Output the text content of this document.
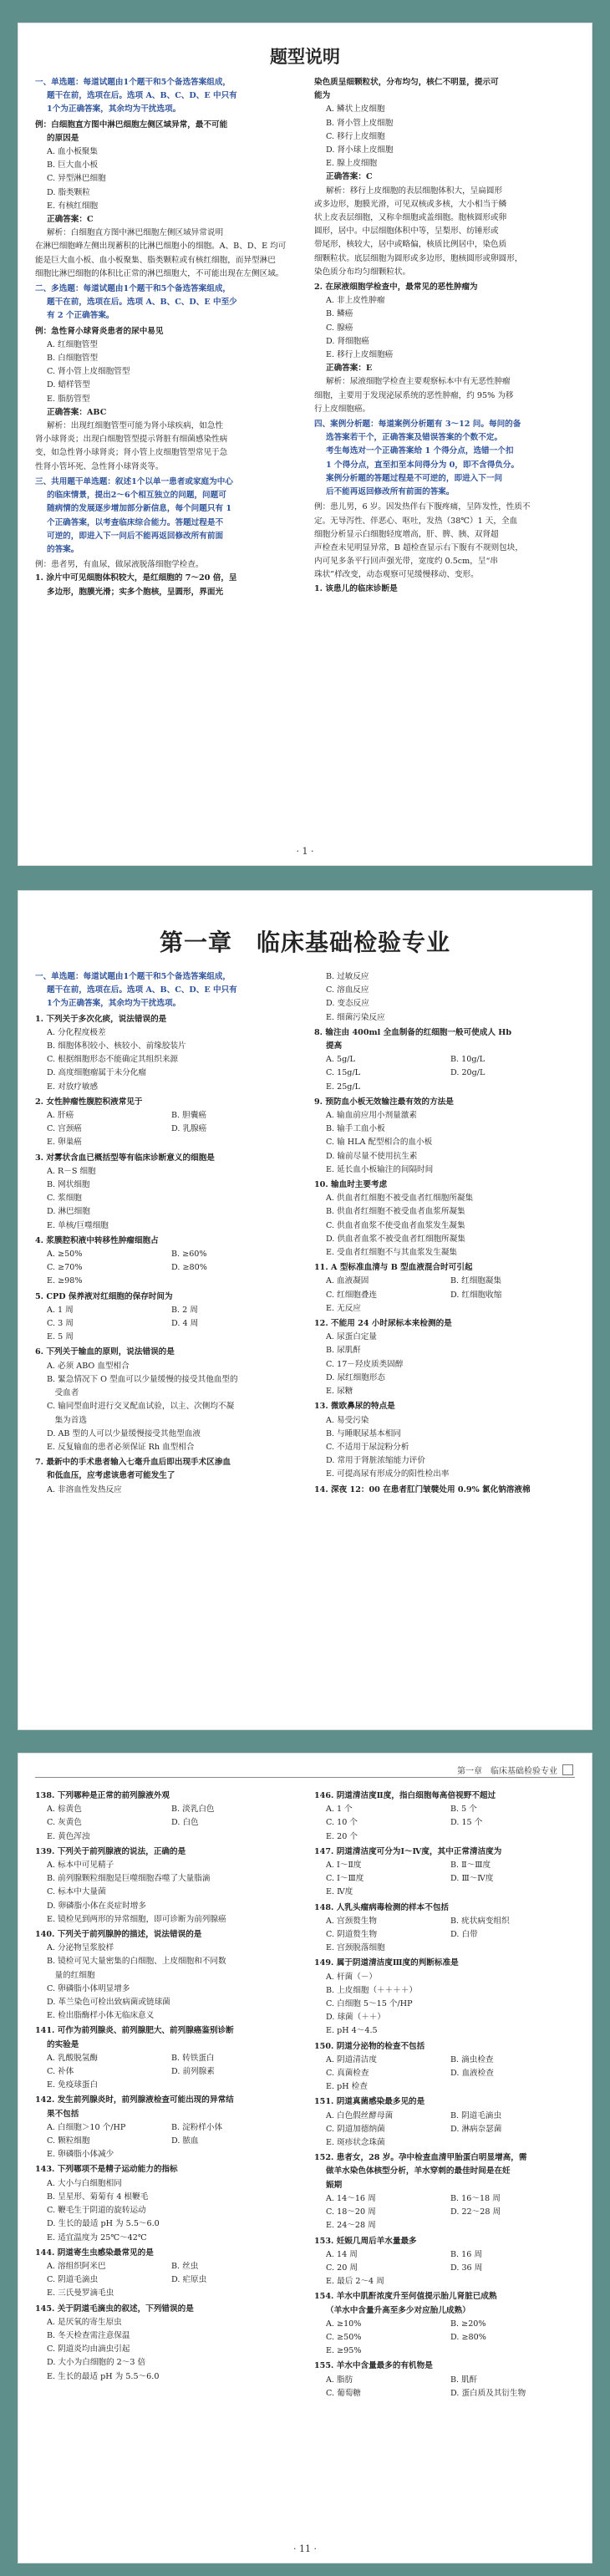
题型说明

一、单选题：每道试题由1个题干和5个备选答案组成，

题干在前，选项在后。选项 A、B、C、D、E 中只有

1个为正确答案，其余均为干扰选项。

例：白细胞直方图中淋巴细胞左侧区域异常，最不可能

的原因是

A. 血小板聚集

B. 巨大血小板

C. 异型淋巴细胞

D. 脂类颗粒

E. 有核红细胞

正确答案：C

解析：白细胞直方图中淋巴细胞左侧区域异常说明

在淋巴细胞峰左侧出现蓄积的比淋巴细胞小的细胞。A、B、D、E 均可

能是巨大血小板、血小板聚集、脂类颗粒或有核红细胞，而异型淋巴

细胞比淋巴细胞的体积比正常的淋巴细胞大，不可能出现在左侧区域。

二、多选题：每道试题由1个题干和5个备选答案组成，

题干在前，选项在后。选项 A、B、C、D、E 中至少

有 2 个正确答案。

例：急性肾小球肾炎患者的尿中易见

A. 红细胞管型

B. 白细胞管型

C. 肾小管上皮细胞管型

D. 蜡样管型

E. 脂肪管型

正确答案：ABC

解析：出现红细胞管型可能为肾小球疾病，如急性

肾小球肾炎；出现白细胞管型提示肾脏有细菌感染性病

变，如急性肾小球肾炎；肾小管上皮细胞管型常见于急

性肾小管坏死、急性肾小球肾炎等。

三、共用题干单选题：叙述1个以单一患者或家庭为中心

的临床情景，提出2～6个相互独立的问题，问题可

随病情的发展逐步增加部分新信息，每个问题只有 1

个正确答案，以考查临床综合能力。答题过程是不

可逆的，即进入下一问后不能再返回修改所有前面

的答案。

例：患者男，有血尿，做尿液脱落细胞学检查。

1. 涂片中可见细胞体积较大，是红细胞的 7～20 倍，呈

多边形，胞膜光滑；实多个胞核，呈圆形，界面光

染色质呈细颗粒状，分布均匀，核仁不明显，提示可

能为

A. 鳞状上皮细胞

B. 肾小管上皮细胞

C. 移行上皮细胞

D. 肾小球上皮细胞

E. 腺上皮细胞

正确答案：C

解析：移行上皮细胞的表层细胞体积大，呈扁圆形

或多边形，胞膜光滑，可见双核或多核，大小相当于鳞

状上皮表层细胞，又称伞细胞或盖细胞。胞核圆形或卵

圆形，居中。中层细胞体积中等，呈梨形、纺锤形或

带尾形，核较大，居中或略偏，核质比例居中，染色质

细颗粒状。底层细胞为圆形或多边形，胞核圆形或卵圆形，

染色质分布均匀细颗粒状。

2. 在尿液细胞学检查中，最常见的恶性肿瘤为

A. 非上皮性肿瘤

B. 鳞癌

C. 腺癌

D. 肾细胞癌

E. 移行上皮细胞癌

正确答案：E

解析：尿液细胞学检查主要观察标本中有无恶性肿瘤

细胞，主要用于发现泌尿系统的恶性肿瘤，约 95% 为移

行上皮细胞癌。

四、案例分析题：每道案例分析题有 3～12 问。每问的备

选答案若干个，正确答案及错误答案的个数不定。

考生每选对一个正确答案给 1 个得分点，选错一个扣

1 个得分点，直至扣至本问得分为 0，即不含得负分。

案例分析题的答题过程是不可逆的，即进入下一问

后不能再返回修改所有前面的答案。

例：患儿男，6 岁。因发热伴右下腹疼痛，呈阵发性，性质不

定。无导泻性、伴恶心、呕吐，发热（38℃）1 天，全血

细胞分析显示白细胞轻度增高，肝、脾、胰、双肾超

声检查未见明显异常，B 超检查显示右下腹有不规则包块，

内可见多条平行回声强光带，宽度约 0.5cm，呈“串

珠状”样改变，动态观察可见缓慢移动、变形。

1. 该患儿的临床诊断是

· 1 ·
第一章　临床基础检验专业

一、单选题：每道试题由1个题干和5个备选答案组成，

题干在前，选项在后。选项 A、B、C、D、E 中只有

1个为正确答案，其余均为干扰选项。

1. 下列关于多次化痰，说法错误的是

A. 分化程度极差

B. 细胞体积较小、核较小、前缘胶装片

C. 根据细胞形态不能确定其组织来源

D. 高度细胞瘤属于未分化瘤

E. 对放疗敏感

2. 女性肿瘤性腹腔积液常见于

A. 肝癌	B. 胆囊癌

C. 宫颈癌	D. 乳腺癌

E. 卵巢癌

3. 对雾状含血已概括型等有临床诊断意义的细胞是

A. R－S 细胞

B. 网状细胞

C. 浆细胞

D. 淋巴细胞

E. 单核/巨噬细胞

4. 浆膜腔积液中转移性肿瘤细胞占

A. ≥50%	B. ≥60%

C. ≥70%	D. ≥80%

E. ≥98%

5. CPD 保养液对红细胞的保存时间为

A. 1 周	B. 2 周

C. 3 周	D. 4 周

E. 5 周

6. 下列关于输血的原则，说法错误的是

A. 必须 ABO 血型相合

B. 緊急情况下 O 型血可以少量缓慢的接受其他血型的

　受血者

C. 输同型血时进行交叉配血试验，以主、次侧均不凝

　集为首选

D. AB 型的人可以少量缓慢接受其他型血液

E. 反复输血的患者必须保证 Rh 血型相合

7. 最新中的手术患者输入七毫升血后即出现手术区渗血

和低血压，应考虑该患者可能发生了

A. 非溶血性发热反应

B. 过敏反应

C. 溶血反应

D. 变态反应

E. 细菌污染反应

8. 输注由 400ml 全血制备的红细胞一般可使成人 Hb

提高

A. 5g/L	B. 10g/L

C. 15g/L	D. 20g/L

E. 25g/L

9. 预防血小板无效输注最有效的方法是

A. 输血前应用小剂量激素

B. 输手工血小板

C. 输 HLA 配型相合的血小板

D. 输前尽量不使用抗生素

E. 延长血小板输注的间隔时间

10. 输血时主要考虑

A. 供血者红细胞不被受血者红细胞所凝集

B. 供血者红细胞不被受血者血浆所凝集

C. 供血者血浆不使受血者血浆发生凝集

D. 供血者血浆不被受血者红细胞所凝集

E. 受血者红细胞不与其血浆发生凝集

11. A 型标准血清与 B 型血液混合时可引起

A. 血液凝固	B. 红细胞凝集

C. 红细胞叠连	D. 红细胞收缩

E. 无反应

12. 不能用 24 小时尿标本来检测的是

A. 尿蛋白定量

B. 尿肌酐

C. 17－羟皮质类固醇

D. 尿红细胞形态

E. 尿糖

13. 微欧鼻尿的特点是

A. 易受污染

B. 与睡眠尿基本相同

C. 不适用于尿淀粉分析

D. 常用于肾脏浓缩能力评价

E. 可提高尿有形成分的阳性检出率

14. 深夜 12：00 在患者肛门皱襞处用 0.9% 氯化钠溶液棉

第一章　临床基础检验专业

138. 下列哪种是正常的前列腺液外观

A. 棕黄色	B. 淡乳白色

C. 灰黄色	D. 白色

E. 黄色浑浊

139. 下列关于前列腺液的说法，正确的是

A. 标本中可见精子

B. 前列腺颗粒细胞是巨噬细胞吞噬了大量脂滴

C. 标本中大量菌

D. 卵磷脂小体在炎症时增多

E. 镜检见到两形的异常细胞，即可诊断为前列腺癌

140. 下列关于前列腺肿的描述，说法错误的是

A. 分泌物呈浆胶样

B. 镜检可见大量密集的白细胞、上皮细胞和不同数

　量的红细胞

C. 卵磷脂小体明显增多

D. 革兰染色可检出致病菌或链球菌

E. 检出脂酶样小体无临床意义

141. 可作为前列腺炎、前列腺肥大、前列腺癌鉴别诊断

的实验是

A. 乳酸脱氢酶	B. 转铁蛋白

C. 补体	D. 前列腺素

E. 免疫球蛋白

142. 发生前列腺炎时，前列腺液检查可能出现的异常结

果不包括

A. 白细胞＞10 个/HP	B. 淀粉样小体

C. 颗粒细胞	D. 脓血

E. 卵磷脂小体减少

143. 下列哪项不是精子运动能力的指标

A. 大小与白细胞相同

B. 呈星形、菊菊有 4 根鞭毛

C. 鞭毛生于阴道的旋转运动

D. 生长的最适 pH 为 5.5～6.0

E. 适宜温度为 25℃～42℃

144. 阴道寄生虫感染最常见的是

A. 溶组织阿米巴	B. 丝虫

C. 阴道毛滴虫	D. 疟原虫

E. 三氏曼罗滴毛虫

145. 关于阴道毛滴虫的叙述，下列错误的是

A. 是厌氧的寄生原虫

B. 冬天检查需注意保温

C. 阴道炎均由滴虫引起

D. 大小为白细胞的 2～3 倍

E. 生长的最适 pH 为 5.5～6.0

146. 阴道清洁度Ⅱ度，指白细胞每高倍视野不超过

A. 1 个	B. 5 个

C. 10 个	D. 15 个

E. 20 个

147. 阴道清洁度可分为Ⅰ～Ⅳ度，其中正常清洁度为

A. Ⅰ～Ⅱ度	B. Ⅱ～Ⅲ度

C. Ⅰ～Ⅲ度	D. Ⅲ～Ⅳ度

E. Ⅳ度

148. 人乳头瘤病毒检测的样本不包括

A. 宫颈赘生物	B. 疣状病变组织

C. 阴道赘生物	D. 白带

E. 宫颈脱落细胞

149. 属于阴道清洁度Ⅲ度的判断标准是

A. 杆菌（－）

B. 上皮细胞（＋＋＋＋）

C. 白细胞 5～15 个/HP

D. 球菌（＋＋）

E. pH 4～4.5

150. 阴道分泌物的检查不包括

A. 阴道清洁度	B. 滴虫检查

C. 真菌检查	D. 血液检查

E. pH 检查

151. 阴道真菌感染最多见的是

A. 白色假丝酵母菌	B. 阴道毛滴虫

C. 阴道加德纳菌	D. 淋病奈瑟菌

E. 斑疹状念珠菌

152. 患者女，28 岁。孕中检查血清甲胎蛋白明显增高，需

做羊水染色体核型分析，羊水穿刺的最佳时间是在妊

娠期

A. 14～16 周	B. 16～18 周

C. 18～20 周	D. 22～28 周

E. 24～28 周

153. 妊娠几周后羊水量最多

A. 14 周	B. 16 周

C. 20 周	D. 36 周

E. 最后 2～4 周

154. 羊水中肌酐浓度升至何值提示胎儿肾脏已成熟

（羊水中含量升高至多少对应胎儿成熟）

A. ≥10%	B. ≥20%

C. ≥50%	D. ≥80%

E. ≥95%

155. 羊水中含量最多的有机物是

A. 脂肪	B. 肌酐

C. 葡萄糖	D. 蛋白质及其衍生物

· 11 ·
